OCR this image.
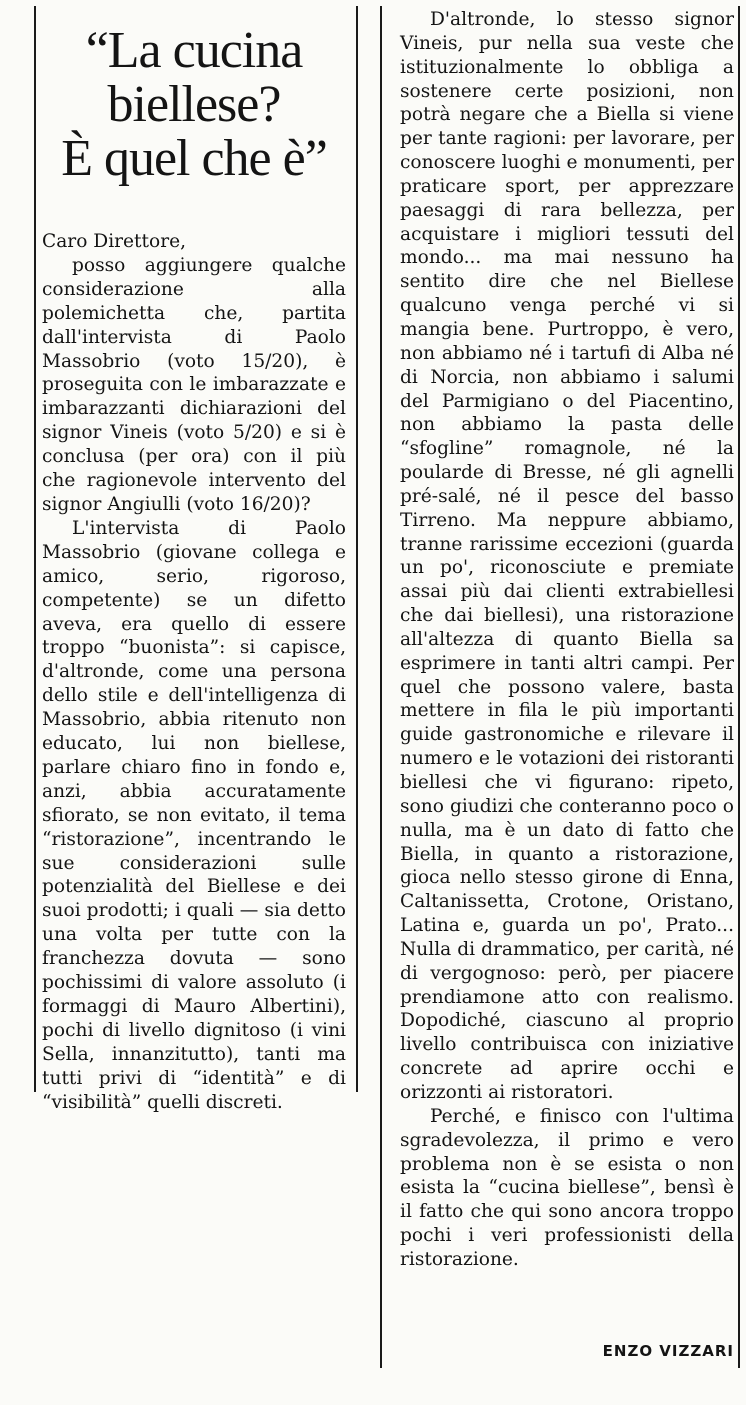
“La cucina
biellese?
È quel che è”

Caro Direttore,

posso aggiungere qualche considerazione alla polemichetta che, partita dall'intervista di Paolo Massobrio (voto 15/20), è proseguita con le imbarazzate e imbarazzanti dichiarazioni del signor Vineis (voto 5/20) e si è conclusa (per ora) con il più che ragionevole intervento del signor Angiulli (voto 16/20)?

L'intervista di Paolo Massobrio (giovane collega e amico, serio, rigoroso, competente) se un difetto aveva, era quello di essere troppo “buonista”: si capisce, d'altronde, come una persona dello stile e dell'intelligenza di Massobrio, abbia ritenuto non educato, lui non biellese, parlare chiaro fino in fondo e, anzi, abbia accuratamente sfiorato, se non evitato, il tema “ristorazione”, incentrando le sue considerazioni sulle potenzialità del Biellese e dei suoi prodotti; i quali — sia detto una volta per tutte con la franchezza dovuta — sono pochissimi di valore assoluto (i formaggi di Mauro Albertini), pochi di livello dignitoso (i vini Sella, innanzitutto), tanti ma tutti privi di “identità” e di “visibilità” quelli discreti.

D'altronde, lo stesso signor Vineis, pur nella sua veste che istituzionalmente lo obbliga a sostenere certe posizioni, non potrà negare che a Biella si viene per tante ragioni: per lavorare, per conoscere luoghi e monumenti, per praticare sport, per apprezzare paesaggi di rara bellezza, per acquistare i migliori tessuti del mondo... ma mai nessuno ha sentito dire che nel Biellese qualcuno venga perché vi si mangia bene. Purtroppo, è vero, non abbiamo né i tartufi di Alba né di Norcia, non abbiamo i salumi del Parmigiano o del Piacentino, non abbiamo la pasta delle “sfogline” romagnole, né la poularde di Bresse, né gli agnelli pré-salé, né il pesce del basso Tirreno. Ma neppure abbiamo, tranne rarissime eccezioni (guarda un po', riconosciute e premiate assai più dai clienti extrabiellesi che dai biellesi), una ristorazione all'altezza di quanto Biella sa esprimere in tanti altri campi. Per quel che possono valere, basta mettere in fila le più importanti guide gastronomiche e rilevare il numero e le votazioni dei ristoranti biellesi che vi figurano: ripeto, sono giudizi che conteranno poco o nulla, ma è un dato di fatto che Biella, in quanto a ristorazione, gioca nello stesso girone di Enna, Caltanissetta, Crotone, Oristano, Latina e, guarda un po', Prato... Nulla di drammatico, per carità, né di vergognoso: però, per piacere prendiamone atto con realismo. Dopodiché, ciascuno al proprio livello contribuisca con iniziative concrete ad aprire occhi e orizzonti ai ristoratori.

Perché, e finisco con l'ultima sgradevolezza, il primo e vero problema non è se esista o non esista la “cucina biellese”, bensì è il fatto che qui sono ancora troppo pochi i veri professionisti della ristorazione.

ENZO VIZZARI
